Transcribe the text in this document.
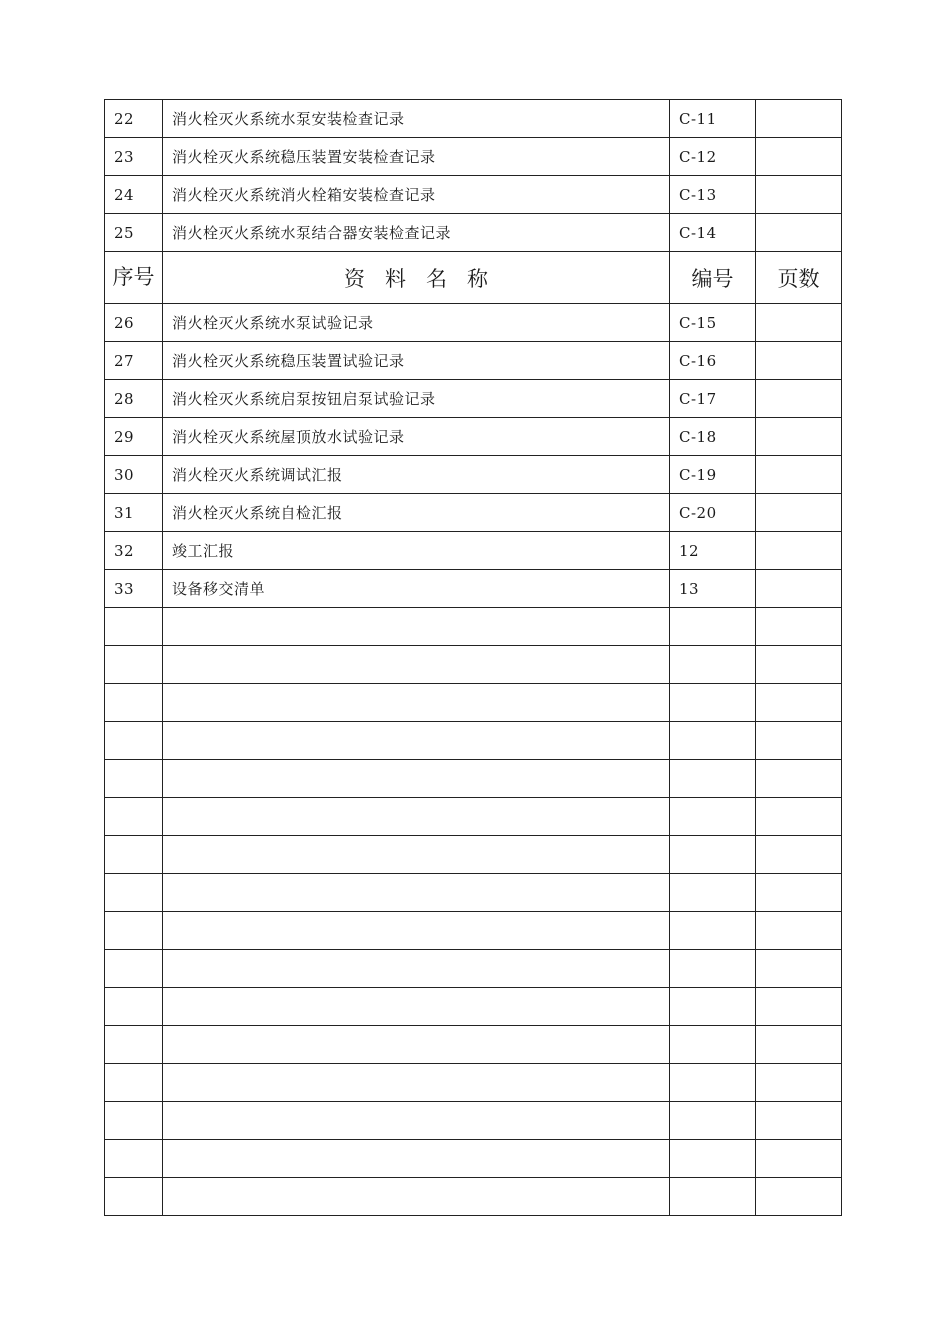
22	消火栓灭火系统水泵安装检查记录	C-11	
23	消火栓灭火系统稳压装置安装检查记录	C-12	
24	消火栓灭火系统消火栓箱安装检查记录	C-13	
25	消火栓灭火系统水泵结合器安装检查记录	C-14	
序号	资料名称	编号	页数
26	消火栓灭火系统水泵试验记录	C-15	
27	消火栓灭火系统稳压装置试验记录	C-16	
28	消火栓灭火系统启泵按钮启泵试验记录	C-17	
29	消火栓灭火系统屋顶放水试验记录	C-18	
30	消火栓灭火系统调试汇报	C-19	
31	消火栓灭火系统自检汇报	C-20	
32	竣工汇报	12	
33	设备移交清单	13	
